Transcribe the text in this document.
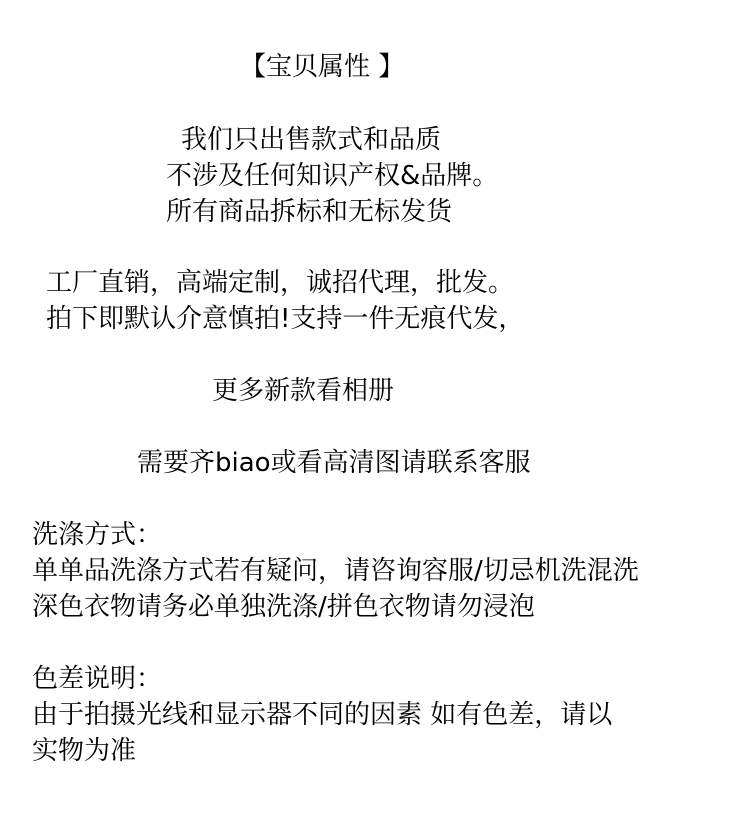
【宝贝属性 】
我们只出售款式和品质
不涉及任何知识产权&品牌。
所有商品拆标和无标发货
工厂直销，高端定制，诚招代理，批发。
拍下即默认介意慎拍!支持一件无痕代发，
更多新款看相册
需要齐biao或看高清图请联系客服
洗涤方式：
单单品洗涤方式若有疑问，请咨询容服/切忌机洗混洗
深色衣物请务必单独洗涤/拼色衣物请勿浸泡
色差说明：
由于拍摄光线和显示器不同的因素 如有色差，请以
实物为准
